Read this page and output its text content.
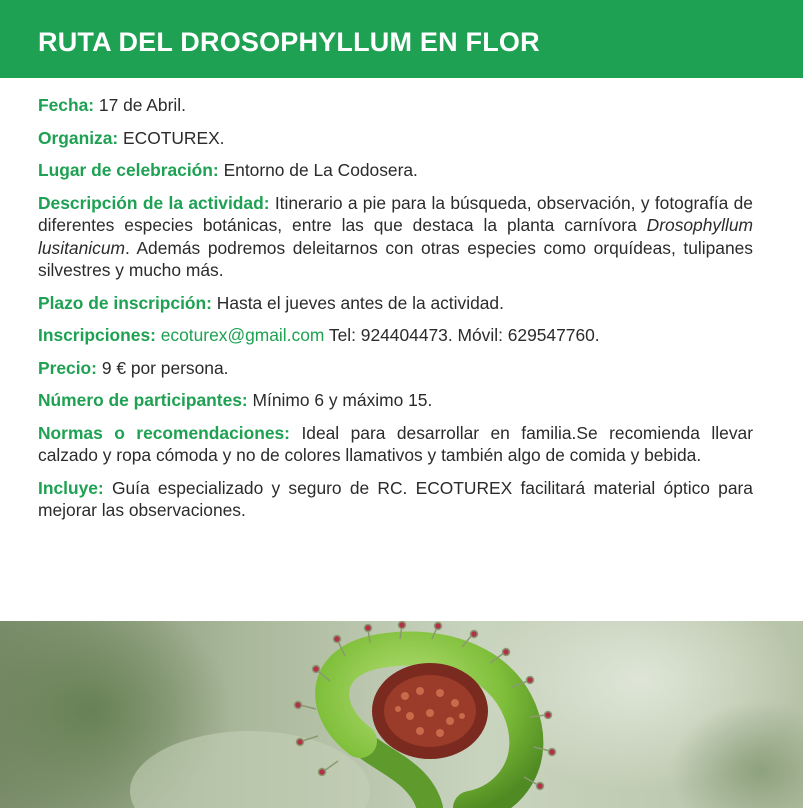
RUTA DEL DROSOPHYLLUM EN FLOR
Fecha: 17 de Abril.
Organiza: ECOTUREX.
Lugar de celebración: Entorno de La Codosera.
Descripción de la actividad: Itinerario a pie para la búsqueda, observación, y fotografía de diferentes especies botánicas, entre las que destaca la planta carnívora Drosophyllum lusitanicum. Además podremos deleitarnos con otras especies como orquídeas, tulipanes silvestres y mucho más.
Plazo de inscripción: Hasta el jueves antes de la actividad.
Inscripciones: ecoturex@gmail.com Tel: 924404473. Móvil: 629547760.
Precio: 9 € por persona.
Número de participantes: Mínimo 6 y máximo 15.
Normas o recomendaciones: Ideal para desarrollar en familia.Se recomienda llevar calzado y ropa cómoda y no de colores llamativos y también algo de comida y bebida.
Incluye: Guía especializado y seguro de RC. ECOTUREX facilitará material óptico para mejorar las observaciones.
